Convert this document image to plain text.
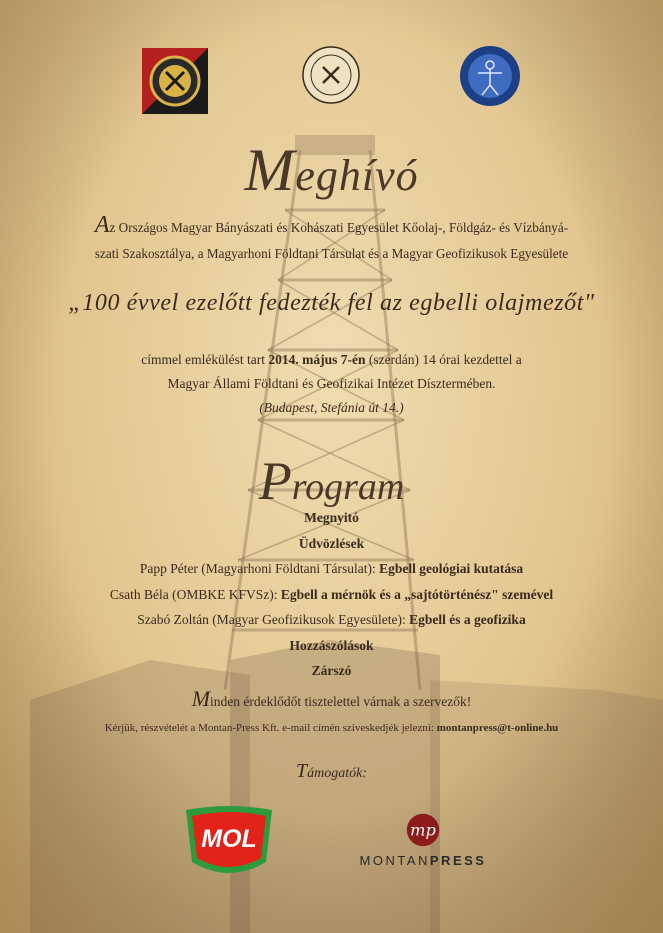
Meghívó
Az Országos Magyar Bányászati és Kohászati Egyesület Kőolaj-, Földgáz- és Vízbányá-
szati Szakosztálya, a Magyarhoni Földtani Társulat és a Magyar Geofizikusok Egyesülete
„100 évvel ezelőtt fedezték fel az egbelli olajmezőt"
címmel emlékülést tart 2014. május 7-én (szerdán) 14 órai kezdettel a
Magyar Állami Földtani és Geofizikai Intézet Dísztermében.
(Budapest, Stefánia út 14.)
Program
Megnyitó
Üdvözlések
Papp Péter (Magyarhoni Földtani Társulat): Egbell geológiai kutatása
Csath Béla (OMBKE KFVSz): Egbell a mérnök és a „sajtótörténész" szemével
Szabó Zoltán (Magyar Geofizikusok Egyesülete): Egbell és a geofizika
Hozzászólások
Zárszó
Minden érdeklődőt tisztelettel várnak a szervezők!
Kérjük, részvételét a Montan-Press Kft. e-mail címén szíveskedjék jelezni: montanpress@t-online.hu
Támogatók:
MOL	mp
MONTANPRESS
